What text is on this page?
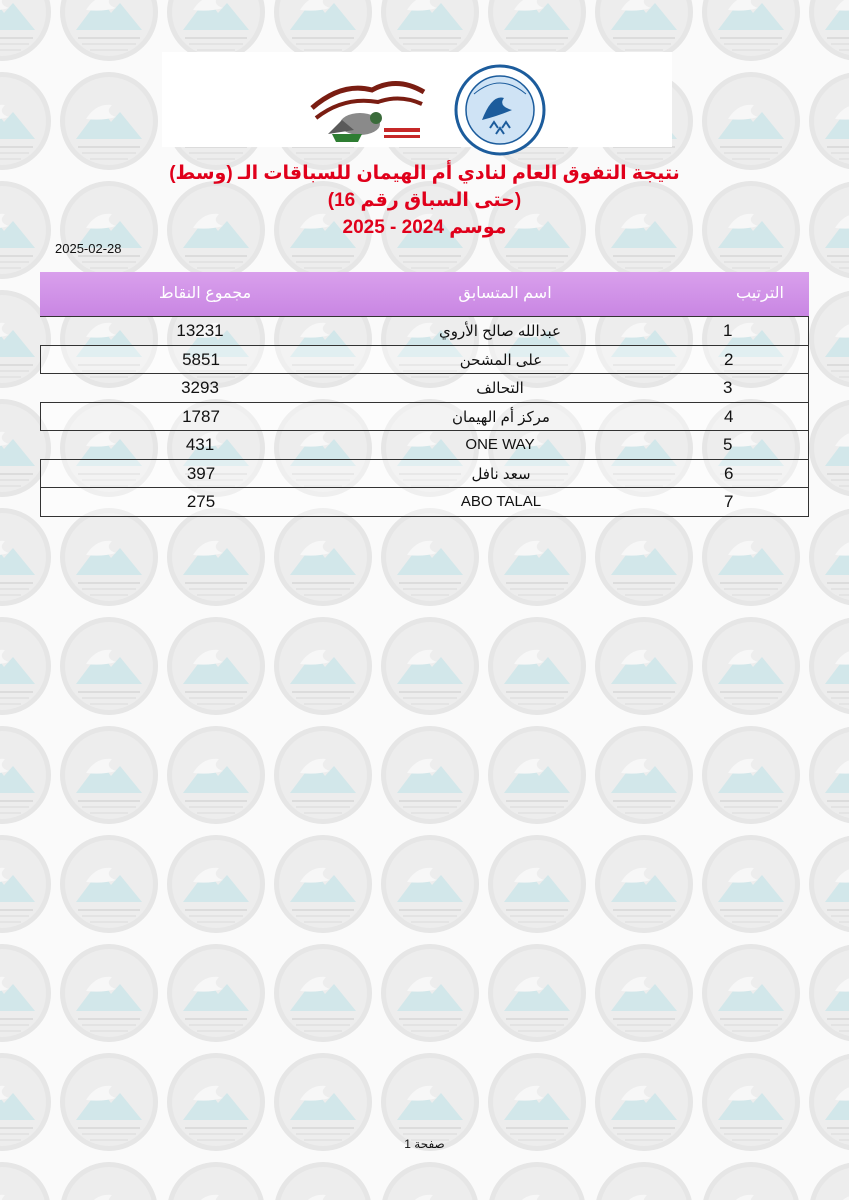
نتيجة التفوق العام لنادي أم الهيمان للسباقات الـ (وسط)
(حتى السباق رقم 16)
موسم 2024 - 2025
2025-02-28
الترتيب
اسم المتسابق
مجموع النقاط
1
عبدالله صالح الأروي
13231
2
على المشحن
5851
3
التحالف
3293
4
مركز أم الهيمان
1787
5
ONE WAY
431
6
سعد نافل
397
7
ABO TALAL
275
صفحة 1
